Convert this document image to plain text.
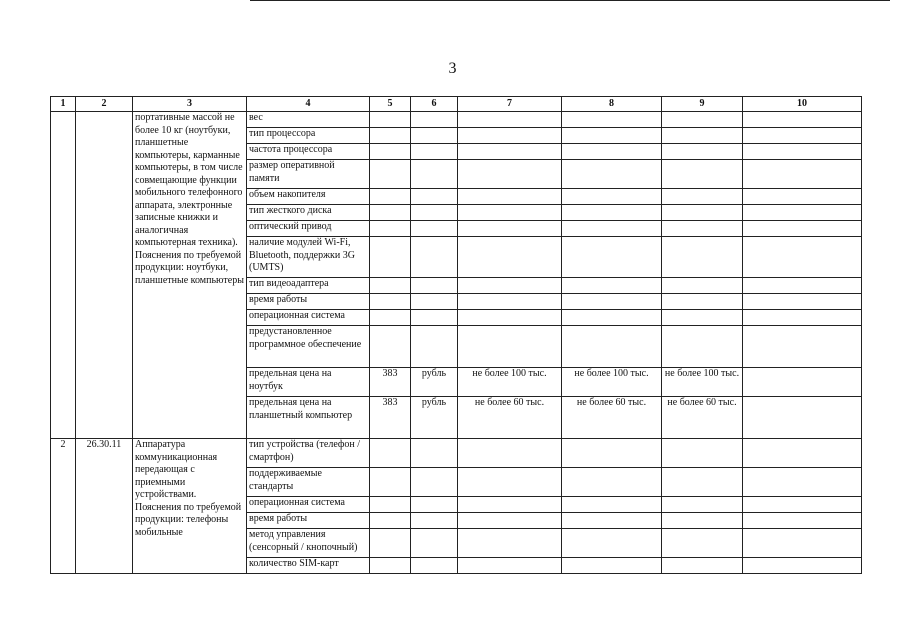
3
1	2	3	4	5	6	7	8	9	10
		портативные массой не более 10 кг (ноутбуки, планшетные компьютеры, карманные компьютеры, в том числе совмещающие функции мобильного телефонного аппарата, электронные записные книжки и аналогичная компьютерная техника). Пояснения по требуемой продукции: ноутбуки, планшетные компьютеры	вес						
			тип процессора						
			частота процессора						
			размер оперативной памяти						
			объем накопителя						
			тип жесткого диска						
			оптический привод						
			наличие модулей Wi-Fi, Bluetooth, поддержки 3G (UMTS)						
			тип видеоадаптера						
			время работы						
			операционная система						
			предустановленное программное обеспечение						
			предельная цена на ноутбук	383	рубль	не более 100 тыс.	не более 100 тыс.	не более 100 тыс.	
			предельная цена на планшетный компьютер	383	рубль	не более 60 тыс.	не более 60 тыс.	не более 60 тыс.	
2	26.30.11	Аппаратура коммуникационная передающая с приемными устройствами. Пояснения по требуемой продукции: телефоны мобильные	тип устройства (телефон / смартфон)						
			поддерживаемые стандарты						
			операционная система						
			время работы						
			метод управления (сенсорный / кнопочный)						
			количество SIM-карт						
